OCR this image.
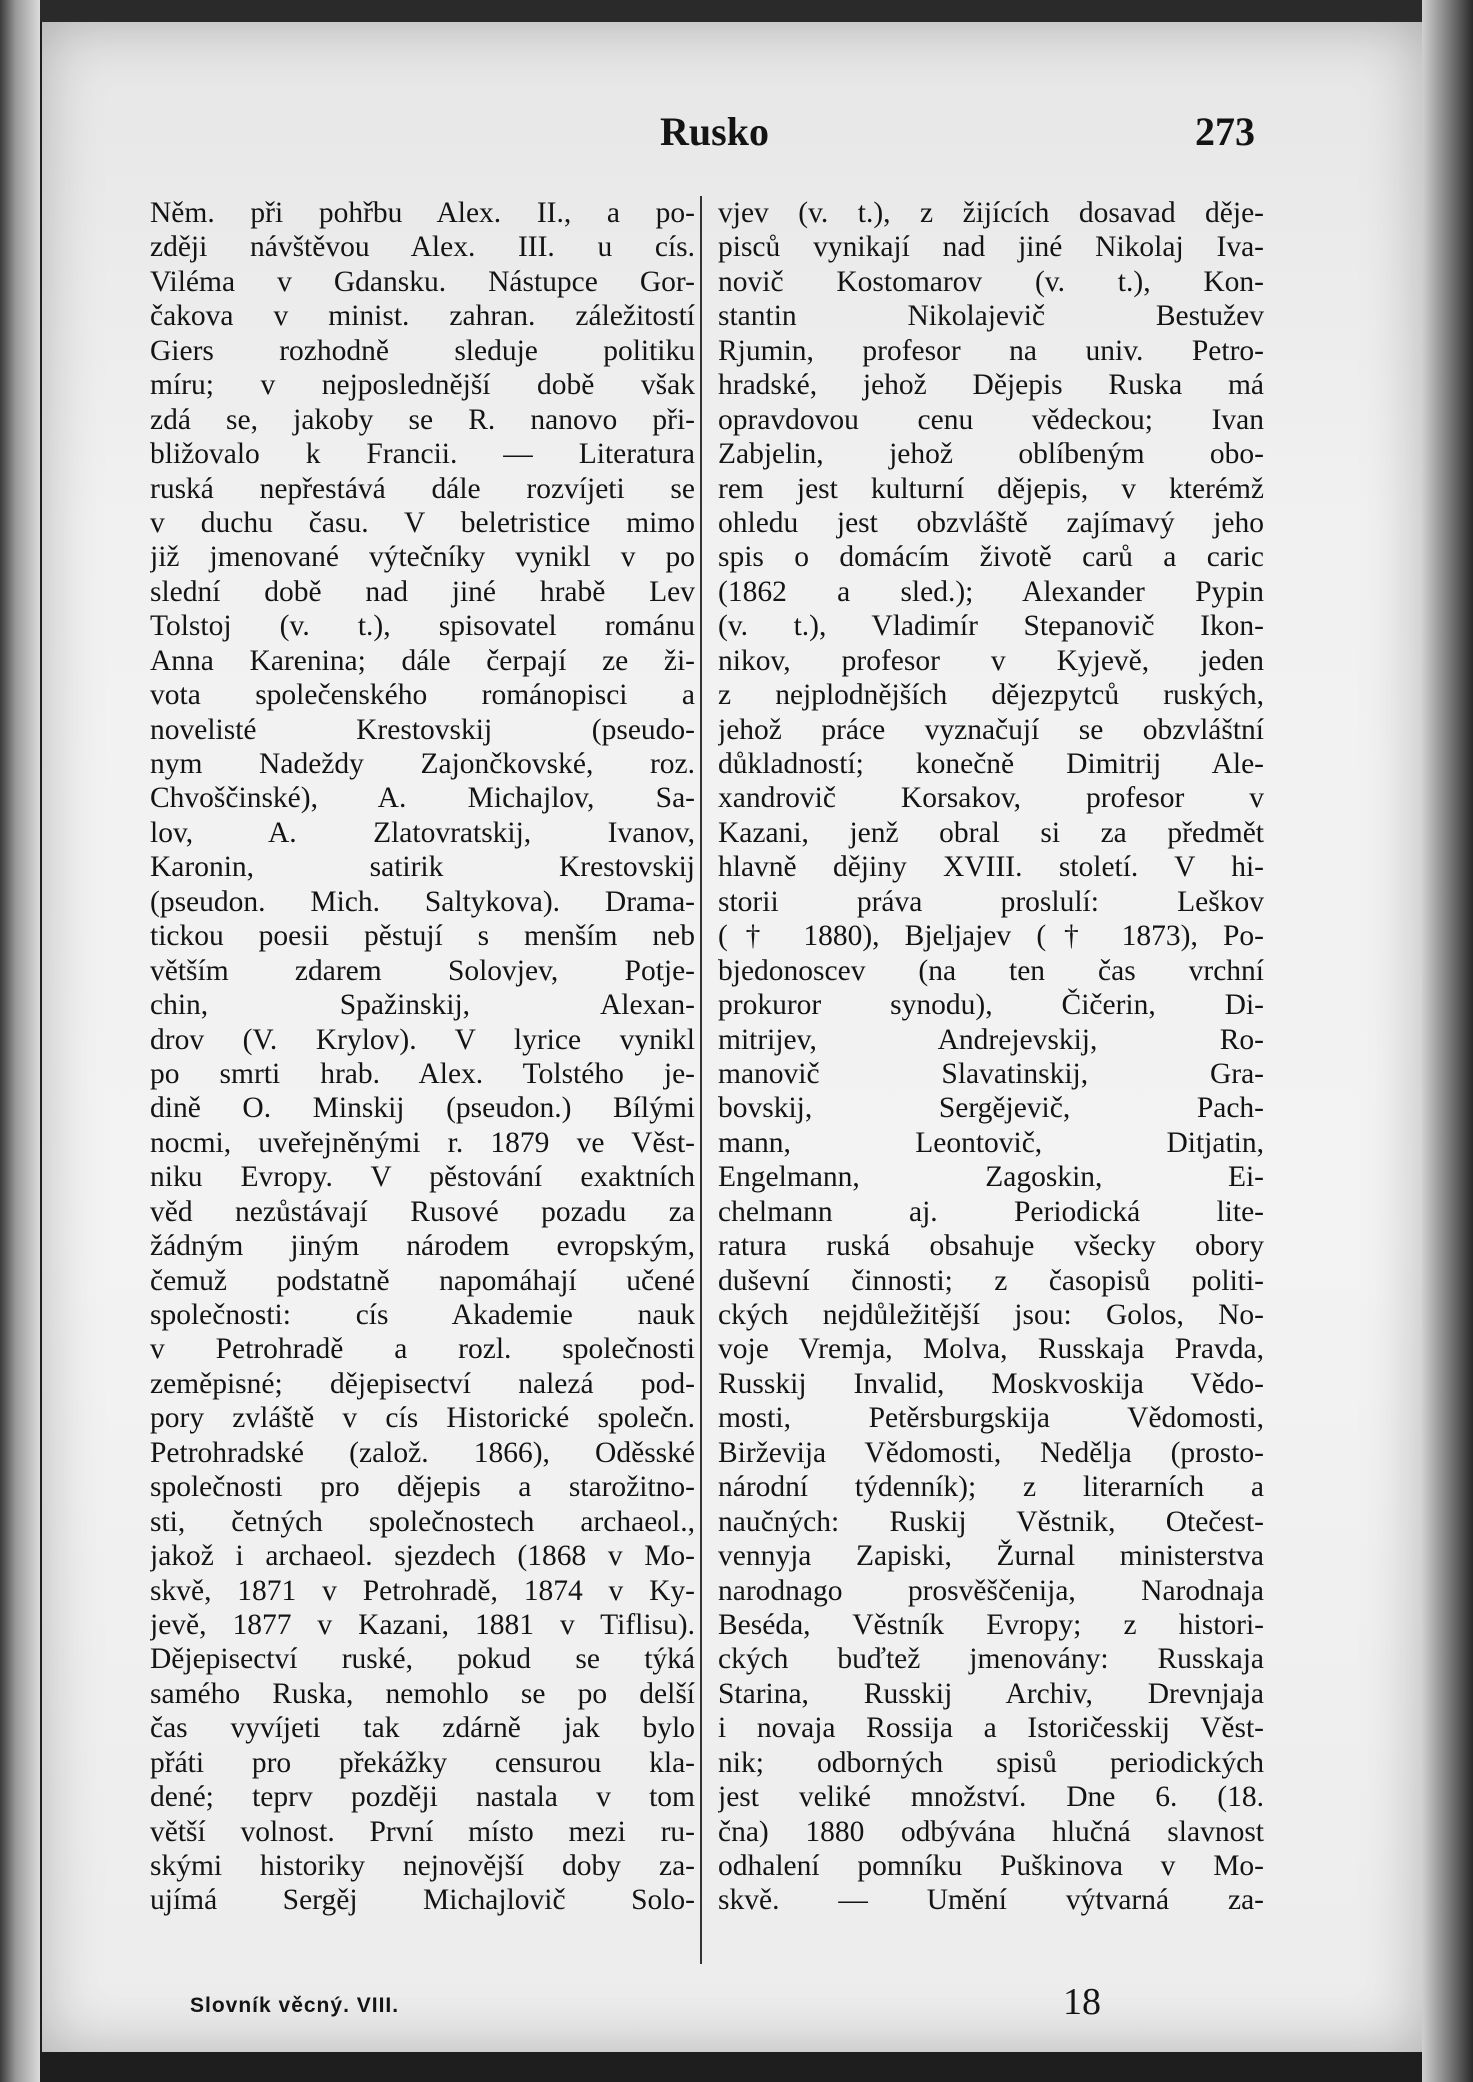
Rusko	273
Něm. při pohřbu Alex. II., a po-
zději návštěvou Alex. III. u cís.
Viléma v Gdansku. Nástupce Gor-
čakova v minist. zahran. záležitostí
Giers rozhodně sleduje politiku
míru; v nejposlednější době však
zdá se, jakoby se R. nanovo při-
bližovalo k Francii. — Literatura
ruská nepřestává dále rozvíjeti se
v duchu času. V beletristice mimo
již jmenované výtečníky vynikl v po
slední době nad jiné hrabě Lev
Tolstoj (v. t.), spisovatel románu
Anna Karenina; dále čerpají ze ži-
vota společenského románopisci a
novelisté Krestovskij (pseudo-
nym Nadeždy Zajončkovské, roz.
Chvoščinské), A. Michajlov, Sa-
lov, A. Zlatovratskij, Ivanov,
Karonin, satirik Krestovskij
(pseudon. Mich. Saltykova). Drama-
tickou poesii pěstují s menším neb
větším zdarem Solovjev, Potje-
chin, Spažinskij, Alexan-
drov (V. Krylov). V lyrice vynikl
po smrti hrab. Alex. Tolstého je-
dině O. Minskij (pseudon.) Bílými
nocmi, uveřejněnými r. 1879 ve Věst-
niku Evropy. V pěstování exaktních
věd nezůstávají Rusové pozadu za
žádným jiným národem evropským,
čemuž podstatně napomáhají učené
společnosti: cís Akademie nauk
v Petrohradě a rozl. společnosti
zeměpisné; dějepisectví nalezá pod-
pory zvláště v cís Historické společn.
Petrohradské (založ. 1866), Oděsské
společnosti pro dějepis a starožitno-
sti, četných společnostech archaeol.,
jakož i archaeol. sjezdech (1868 v Mo-
skvě, 1871 v Petrohradě, 1874 v Ky-
jevě, 1877 v Kazani, 1881 v Tiflisu).
Dějepisectví ruské, pokud se týká
samého Ruska, nemohlo se po delší
čas vyvíjeti tak zdárně jak bylo
přáti pro překážky censurou kla-
dené; teprv později nastala v tom
větší volnost. První místo mezi ru-
skými historiky nejnovější doby za-
ujímá Sergěj Michajlovič Solo-
vjev (v. t.), z žijících dosavad děje-
pisců vynikají nad jiné Nikolaj Iva-
novič Kostomarov (v. t.), Kon-
stantin Nikolajevič Bestužev
Rjumin, profesor na univ. Petro-
hradské, jehož Dějepis Ruska má
opravdovou cenu vědeckou; Ivan
Zabjelin, jehož oblíbeným obo-
rem jest kulturní dějepis, v kterémž
ohledu jest obzvláště zajímavý jeho
spis o domácím životě carů a caric
(1862 a sled.); Alexander Pypin
(v. t.), Vladimír Stepanovič Ikon-
nikov, profesor v Kyjevě, jeden
z nejplodnějších dějezpytců ruských,
jehož práce vyznačují se obzvláštní
důkladností; konečně Dimitrij Ale-
xandrovič Korsakov, profesor v
Kazani, jenž obral si za předmět
hlavně dějiny XVIII. století. V hi-
storii práva proslulí: Leškov
(† 1880), Bjeljajev († 1873), Po-
bjedonoscev (na ten čas vrchní
prokuror synodu), Čičerin, Di-
mitrijev, Andrejevskij, Ro-
manovič Slavatinskij, Gra-
bovskij, Sergějevič, Pach-
mann, Leontovič, Ditjatin,
Engelmann, Zagoskin, Ei-
chelmann aj. Periodická lite-
ratura ruská obsahuje všecky obory
duševní činnosti; z časopisů politi-
ckých nejdůležitější jsou: Golos, No-
voje Vremja, Molva, Russkaja Pravda,
Russkij Invalid, Moskvoskija Vědo-
mosti, Petěrsburgskija Vědomosti,
Birževija Vědomosti, Nedělja (prosto-
národní týdenník); z literarních a
naučných: Ruskij Věstnik, Otečest-
vennyja Zapiski, Žurnal ministerstva
narodnago prosvěščenija, Narodnaja
Beséda, Věstník Evropy; z histori-
ckých buďtež jmenovány: Russkaja
Starina, Russkij Archiv, Drevnjaja
i novaja Rossija a Istoričesskij Věst-
nik; odborných spisů periodických
jest veliké množství. Dne 6. (18.
čna) 1880 odbývána hlučná slavnost
odhalení pomníku Puškinova v Mo-
skvě. — Umění výtvarná za-
Slovník věcný. VIII.	18
